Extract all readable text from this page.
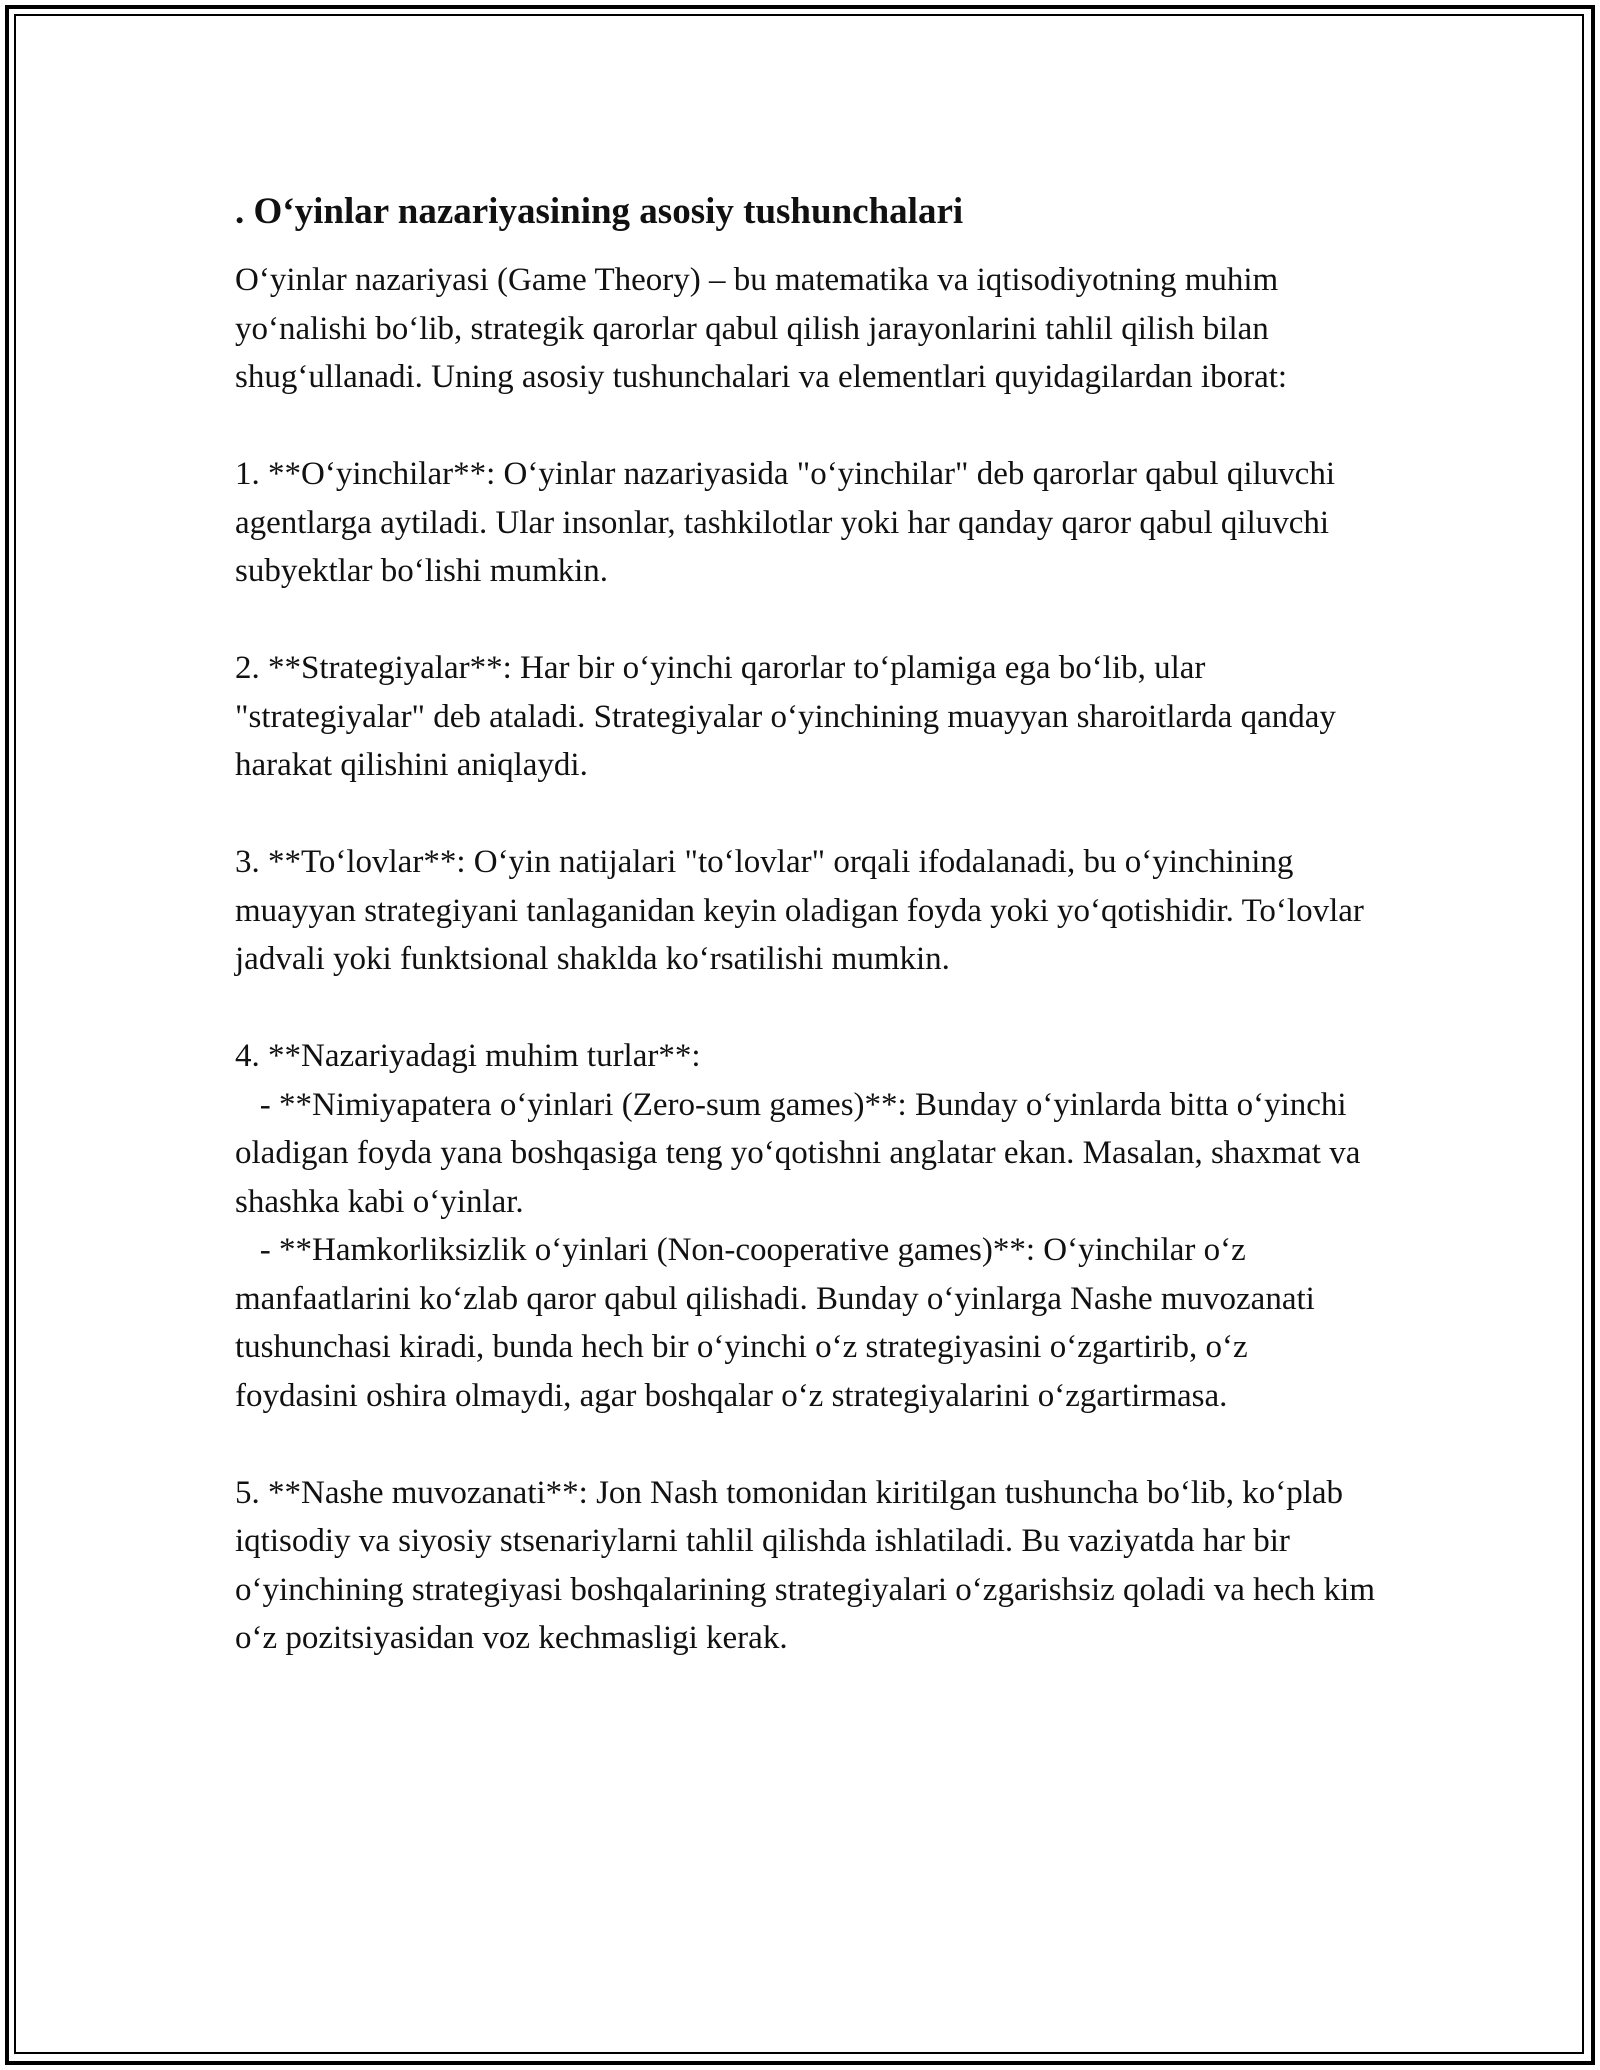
. O‘yinlar nazariyasining asosiy tushunchalari

O‘yinlar nazariyasi (Game Theory) – bu matematika va iqtisodiyotning muhim yo‘nalishi bo‘lib, strategik qarorlar qabul qilish jarayonlarini tahlil qilish bilan shug‘ullanadi. Uning asosiy tushunchalari va elementlari quyidagilardan iborat:

1. **O‘yinchilar**: O‘yinlar nazariyasida "o‘yinchilar" deb qarorlar qabul qiluvchi agentlarga aytiladi. Ular insonlar, tashkilotlar yoki har qanday qaror qabul qiluvchi subyektlar bo‘lishi mumkin.

2. **Strategiyalar**: Har bir o‘yinchi qarorlar to‘plamiga ega bo‘lib, ular "strategiyalar" deb ataladi. Strategiyalar o‘yinchining muayyan sharoitlarda qanday harakat qilishini aniqlaydi.

3. **To‘lovlar**: O‘yin natijalari "to‘lovlar" orqali ifodalanadi, bu o‘yinchining muayyan strategiyani tanlaganidan keyin oladigan foyda yoki yo‘qotishidir. To‘lovlar jadvali yoki funktsional shaklda ko‘rsatilishi mumkin.

4. **Nazariyadagi muhim turlar**:

- **Nimiyapatera o‘yinlari (Zero-sum games)**: Bunday o‘yinlarda bitta o‘yinchi oladigan foyda yana boshqasiga teng yo‘qotishni anglatar ekan. Masalan, shaxmat va shashka kabi o‘yinlar.

- **Hamkorliksizlik o‘yinlari (Non-cooperative games)**: O‘yinchilar o‘z manfaatlarini ko‘zlab qaror qabul qilishadi. Bunday o‘yinlarga Nashe muvozanati tushunchasi kiradi, bunda hech bir o‘yinchi o‘z strategiyasini o‘zgartirib, o‘z foydasini oshira olmaydi, agar boshqalar o‘z strategiyalarini o‘zgartirmasa.

5. **Nashe muvozanati**: Jon Nash tomonidan kiritilgan tushuncha bo‘lib, ko‘plab iqtisodiy va siyosiy stsenariylarni tahlil qilishda ishlatiladi. Bu vaziyatda har bir o‘yinchining strategiyasi boshqalarining strategiyalari o‘zgarishsiz qoladi va hech kim o‘z pozitsiyasidan voz kechmasligi kerak.
